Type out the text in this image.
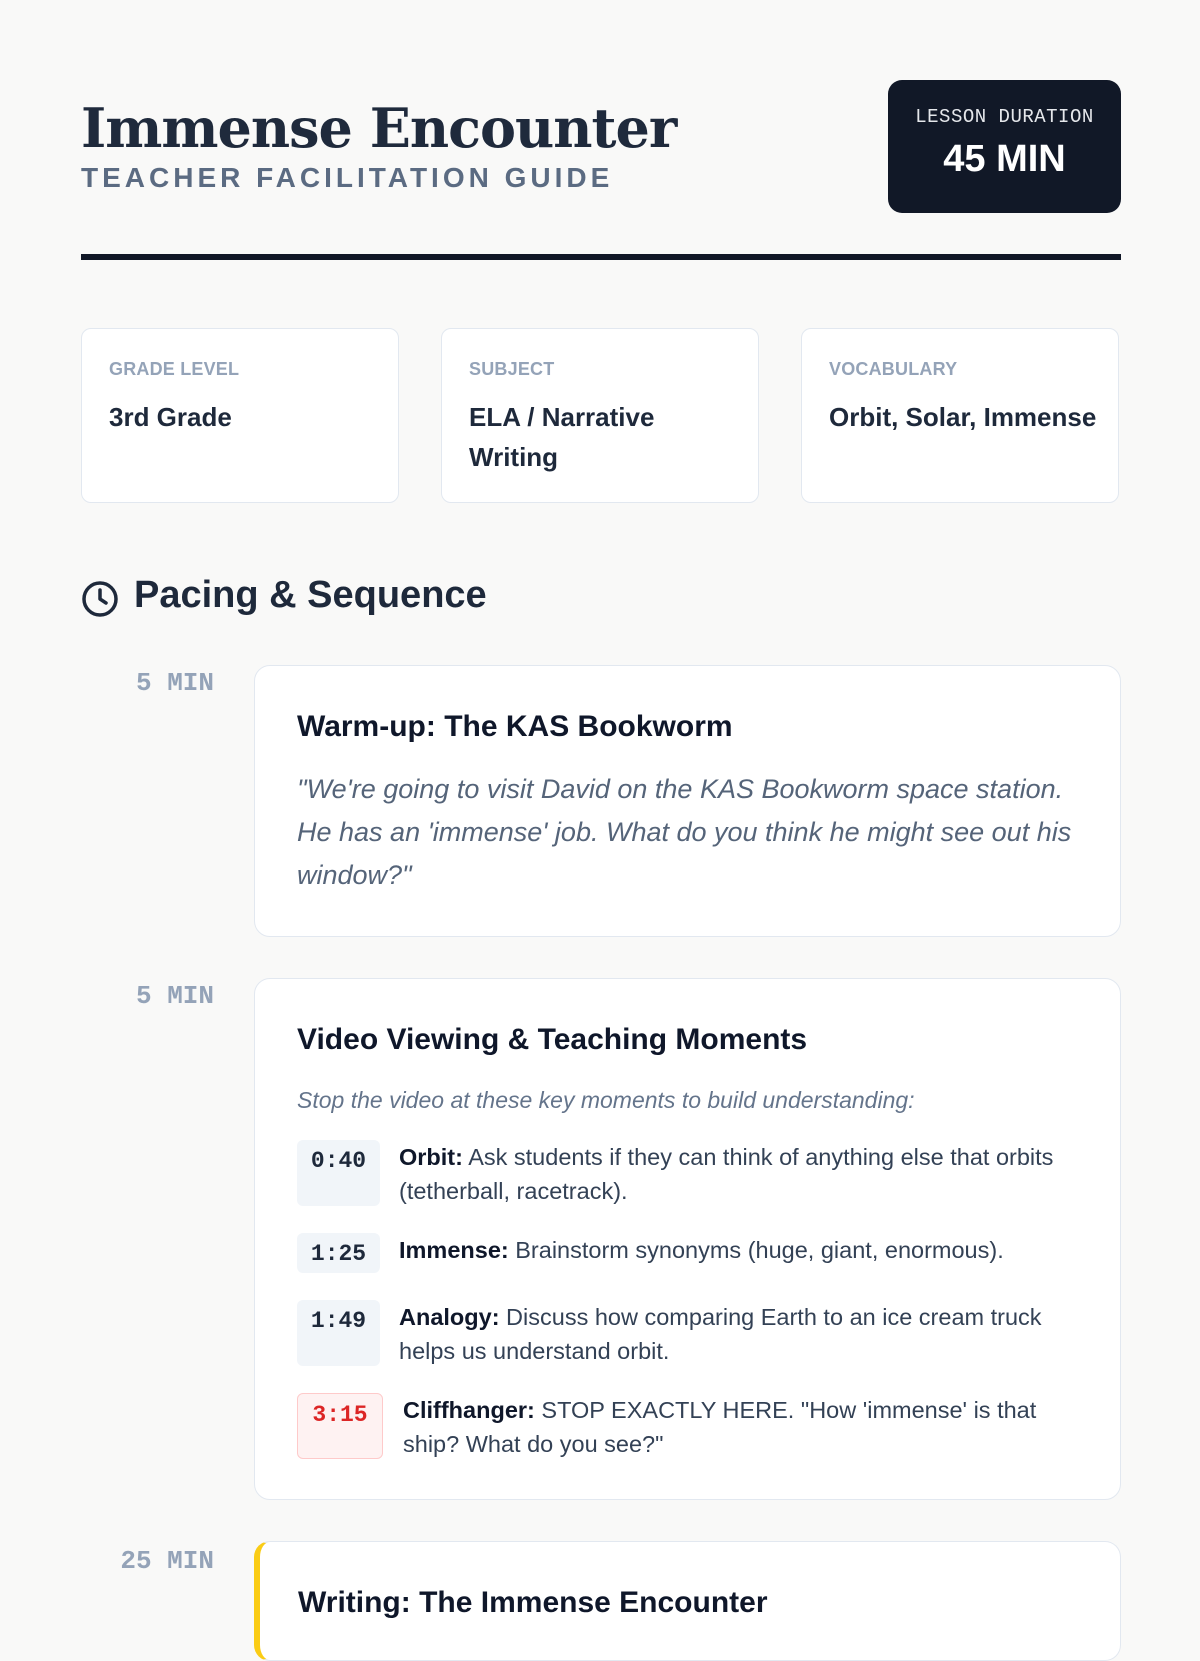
Immense Encounter
TEACHER FACILITATION GUIDE
LESSON DURATION
45 MIN
GRADE LEVEL
3rd Grade
SUBJECT
ELA / Narrative Writing
VOCABULARY
Orbit, Solar, Immense
Pacing & Sequence
5 MIN
Warm-up: The KAS Bookworm
"We're going to visit David on the KAS Bookworm space station. He has an 'immense' job. What do you think he might see out his window?"
5 MIN
Video Viewing & Teaching Moments
Stop the video at these key moments to build understanding:
0:40	Orbit: Ask students if they can think of anything else that orbits (tetherball, racetrack).
1:25	Immense: Brainstorm synonyms (huge, giant, enormous).
1:49	Analogy: Discuss how comparing Earth to an ice cream truck helps us understand orbit.
3:15	Cliffhanger: STOP EXACTLY HERE. "How 'immense' is that ship? What do you see?"
25 MIN
Writing: The Immense Encounter
